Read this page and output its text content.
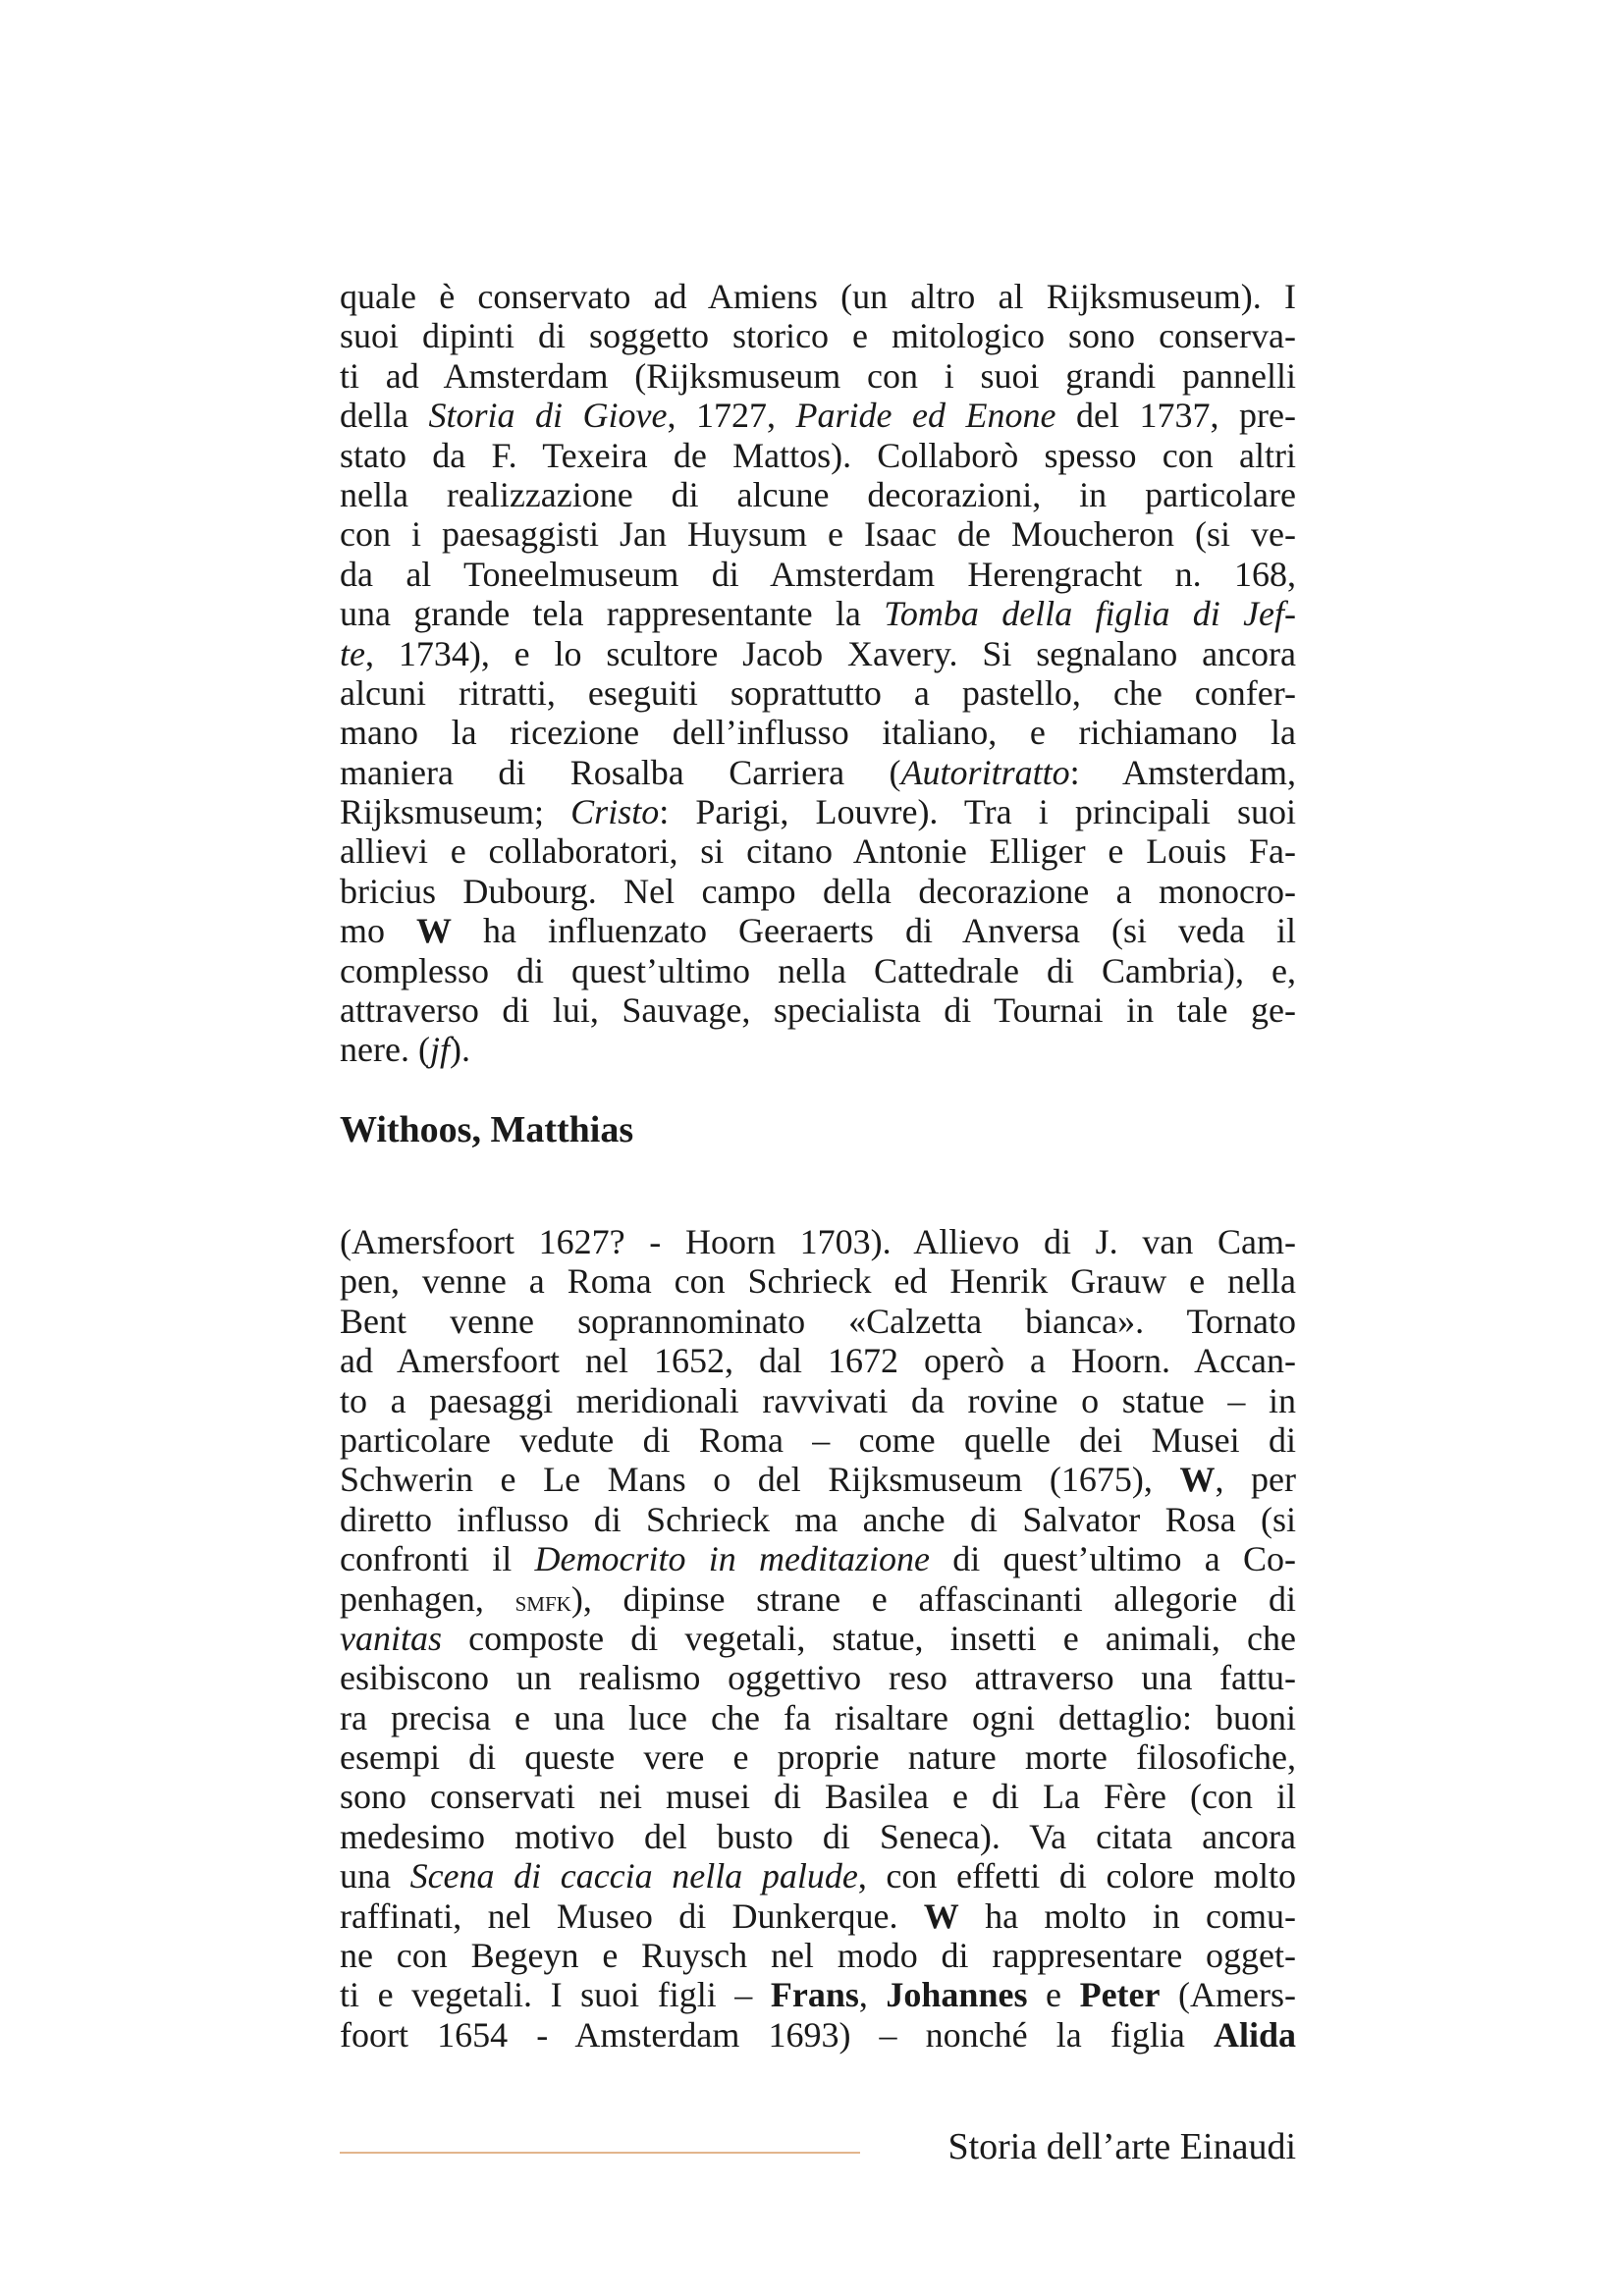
quale è conservato ad Amiens (un altro al Rijksmuseum). I
suoi dipinti di soggetto storico e mitologico sono conserva-
ti ad Amsterdam (Rijksmuseum con i suoi grandi pannelli
della Storia di Giove, 1727, Paride ed Enone del 1737, pre-
stato da F. Texeira de Mattos). Collaborò spesso con altri
nella realizzazione di alcune decorazioni, in particolare
con i paesaggisti Jan Huysum e Isaac de Moucheron (si ve-
da al Toneelmuseum di Amsterdam Herengracht n. 168,
una grande tela rappresentante la Tomba della figlia di Jef-
te, 1734), e lo scultore Jacob Xavery. Si segnalano ancora
alcuni ritratti, eseguiti soprattutto a pastello, che confer-
mano la ricezione dell’influsso italiano, e richiamano la
maniera di Rosalba Carriera (Autoritratto: Amsterdam,
Rijksmuseum; Cristo: Parigi, Louvre). Tra i principali suoi
allievi e collaboratori, si citano Antonie Elliger e Louis Fa-
bricius Dubourg. Nel campo della decorazione a monocro-
mo W ha influenzato Geeraerts di Anversa (si veda il
complesso di quest’ultimo nella Cattedrale di Cambria), e,
attraverso di lui, Sauvage, specialista di Tournai in tale ge-
nere. (jf).
Withoos, Matthias
(Amersfoort 1627? - Hoorn 1703). Allievo di J. van Cam-
pen, venne a Roma con Schrieck ed Henrik Grauw e nella
Bent venne soprannominato «Calzetta bianca». Tornato
ad Amersfoort nel 1652, dal 1672 operò a Hoorn. Accan-
to a paesaggi meridionali ravvivati da rovine o statue – in
particolare vedute di Roma – come quelle dei Musei di
Schwerin e Le Mans o del Rijksmuseum (1675), W, per
diretto influsso di Schrieck ma anche di Salvator Rosa (si
confronti il Democrito in meditazione di quest’ultimo a Co-
penhagen, smfk), dipinse strane e affascinanti allegorie di
vanitas composte di vegetali, statue, insetti e animali, che
esibiscono un realismo oggettivo reso attraverso una fattu-
ra precisa e una luce che fa risaltare ogni dettaglio: buoni
esempi di queste vere e proprie nature morte filosofiche,
sono conservati nei musei di Basilea e di La Fère (con il
medesimo motivo del busto di Seneca). Va citata ancora
una Scena di caccia nella palude, con effetti di colore molto
raffinati, nel Museo di Dunkerque. W ha molto in comu-
ne con Begeyn e Ruysch nel modo di rappresentare ogget-
ti e vegetali. I suoi figli – Frans, Johannes e Peter (Amers-
foort 1654 - Amsterdam 1693) – nonché la figlia Alida
Storia dell’arte Einaudi
